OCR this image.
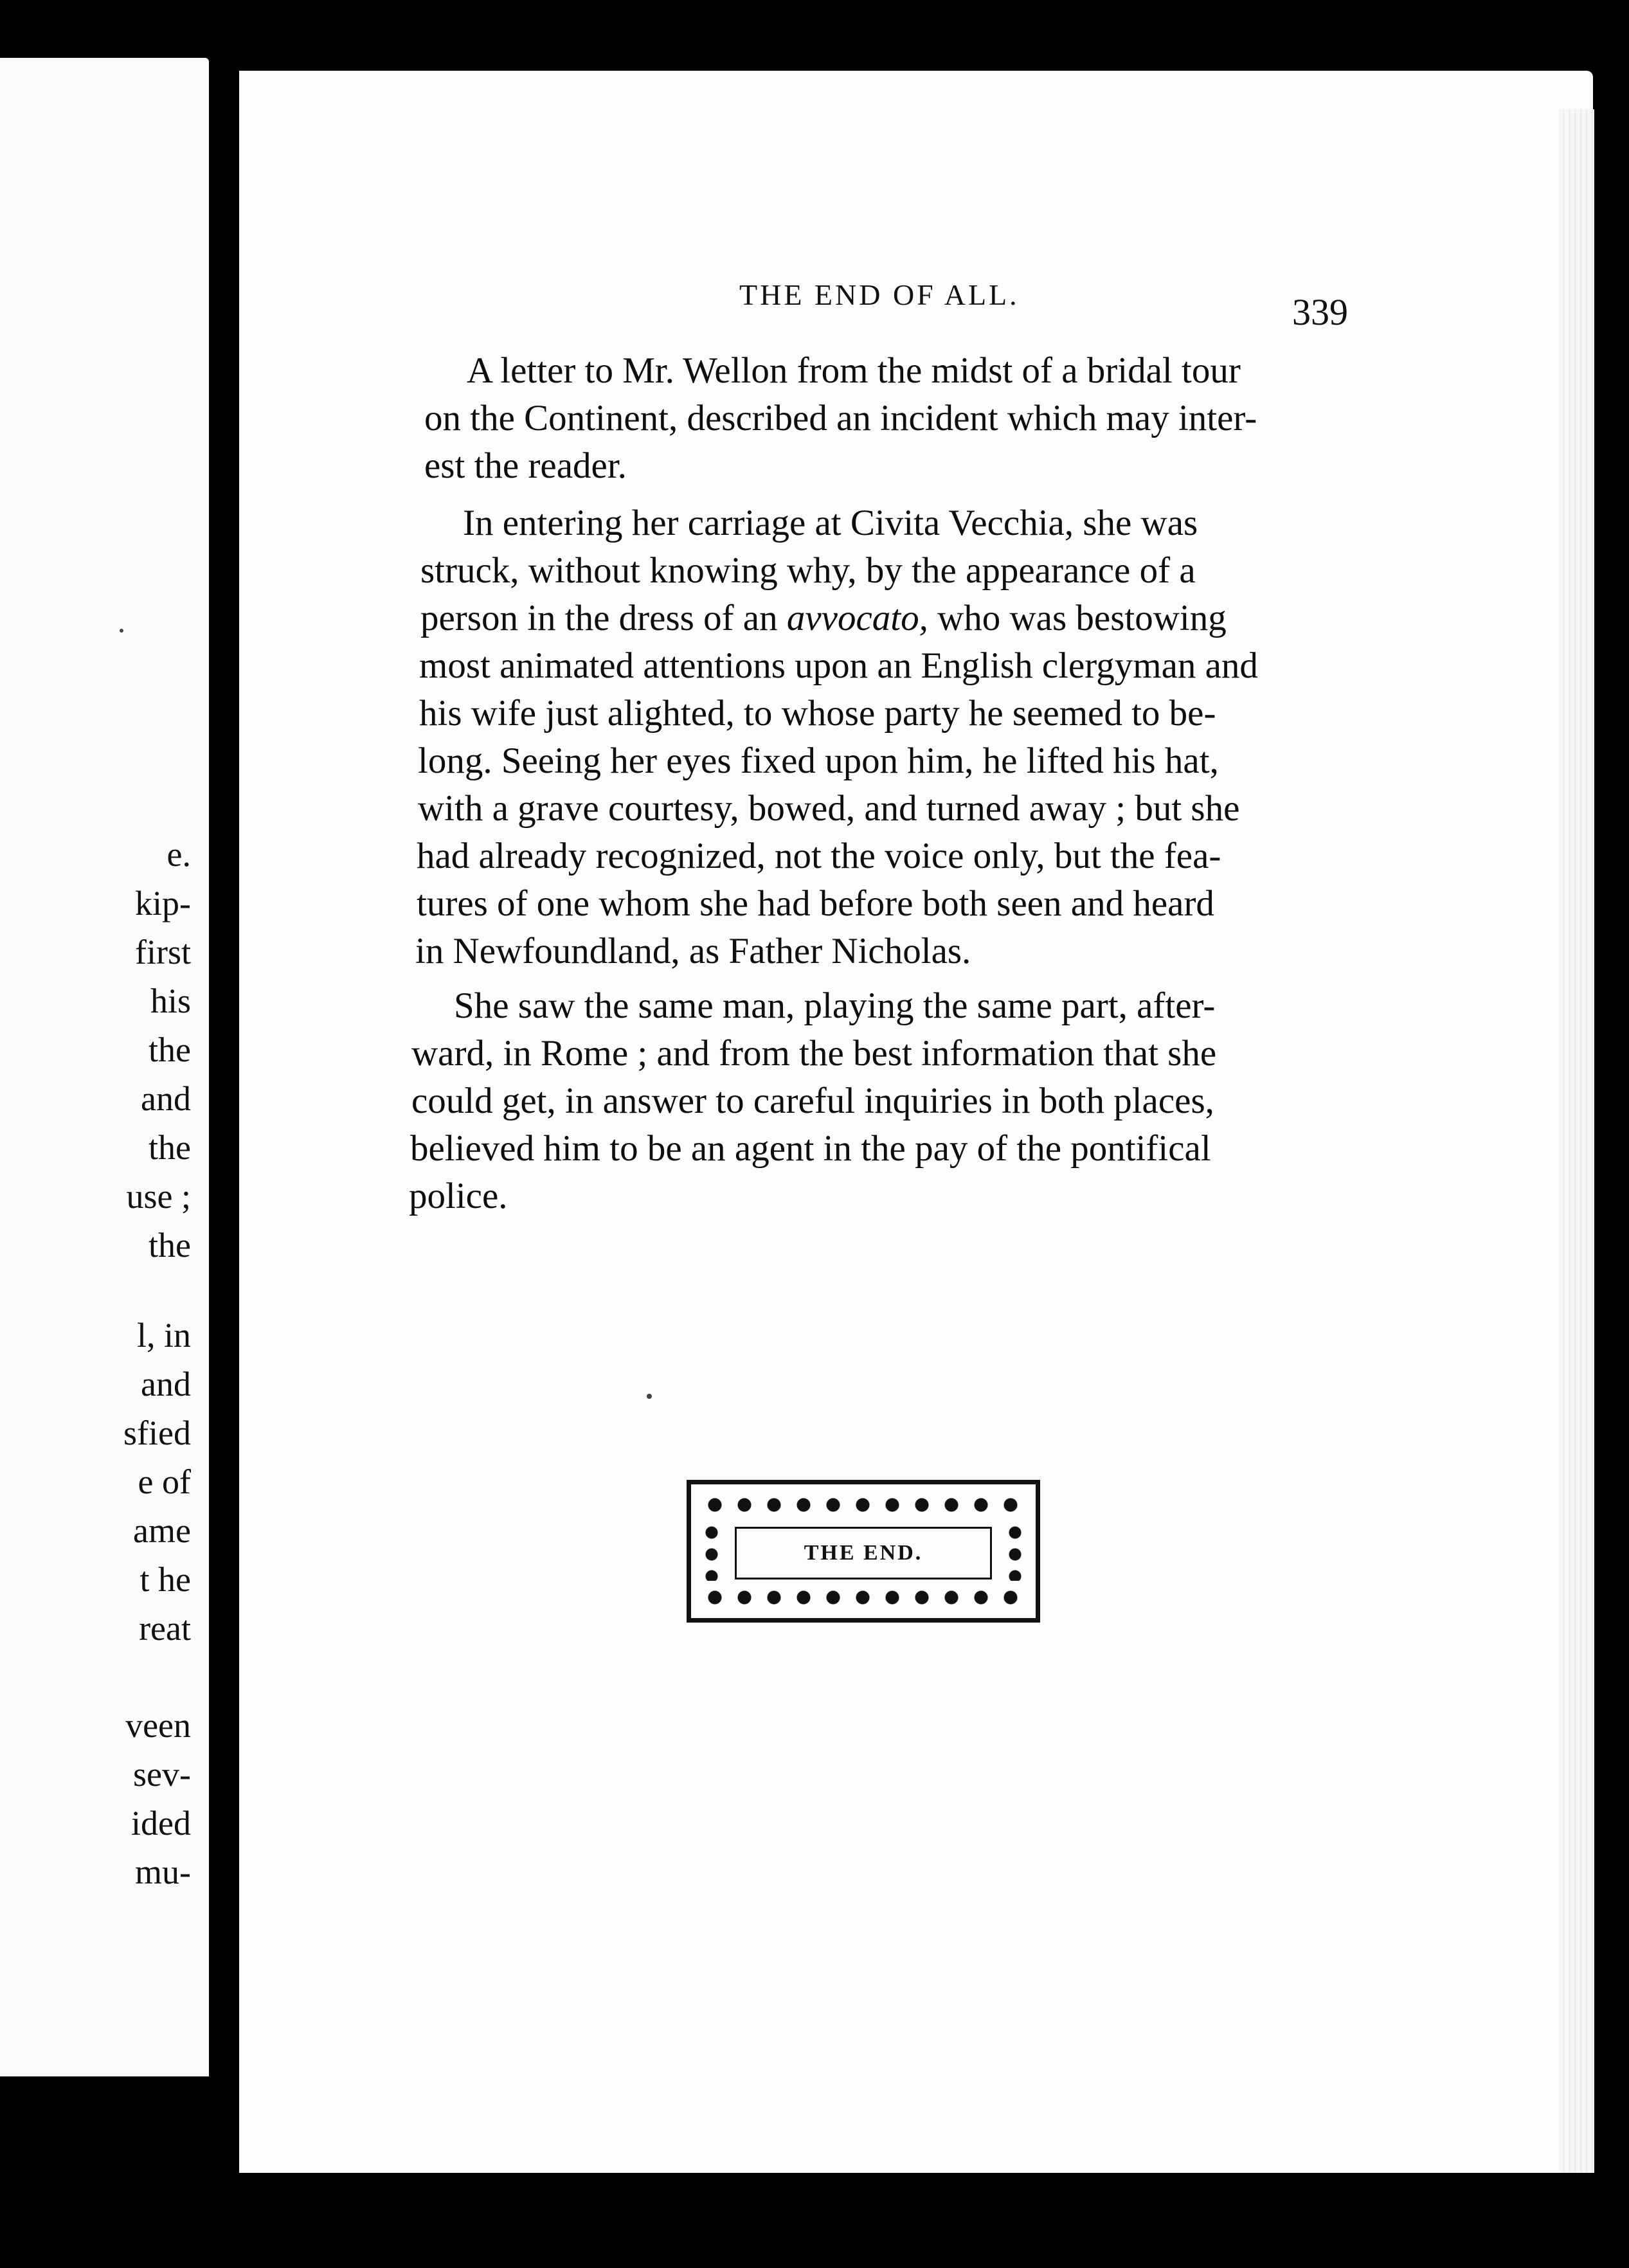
e.
kip-
first
his
the
and
the
use ;
the
l, in
and
sfied
e of
ame
t he
reat
veen
sev-
ided
mu-
THE END OF ALL.	339
A letter to Mr. Wellon from the midst of a bridal tour
on the Continent, described an incident which may inter-
est the reader.
In entering her carriage at Civita Vecchia, she was
struck, without knowing why, by the appearance of a
person in the dress of an avvocato, who was bestowing
most animated attentions upon an English clergyman and
his wife just alighted, to whose party he seemed to be-
long. Seeing her eyes fixed upon him, he lifted his hat,
with a grave courtesy, bowed, and turned away ; but she
had already recognized, not the voice only, but the fea-
tures of one whom she had before both seen and heard
in Newfoundland, as Father Nicholas.
She saw the same man, playing the same part, after-
ward, in Rome ; and from the best information that she
could get, in answer to careful inquiries in both places,
believed him to be an agent in the pay of the pontifical
police.
THE END.
